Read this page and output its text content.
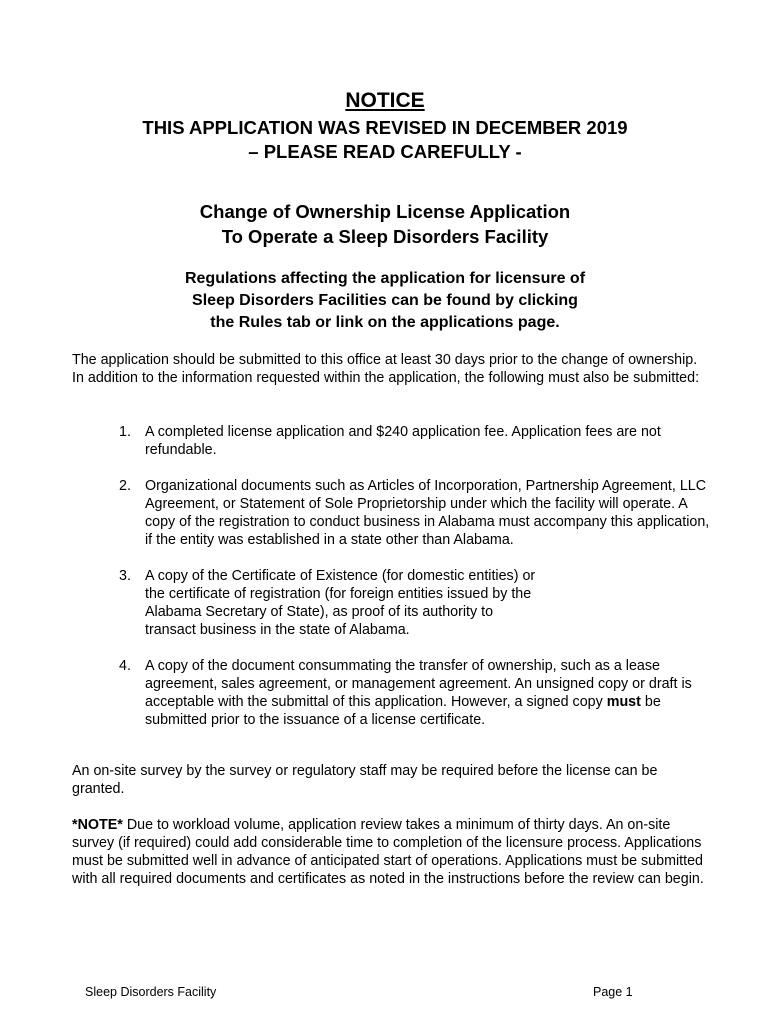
NOTICE
THIS APPLICATION WAS REVISED IN DECEMBER 2019
– PLEASE READ CAREFULLY -
Change of Ownership License Application
To Operate a Sleep Disorders Facility
Regulations affecting the application for licensure of
Sleep Disorders Facilities can be found by clicking
the Rules tab or link on the applications page.
The application should be submitted to this office at least 30 days prior to the change of ownership. In addition to the information requested within the application, the following must also be submitted:
1. A completed license application and $240 application fee. Application fees are not refundable.
2. Organizational documents such as Articles of Incorporation, Partnership Agreement, LLC Agreement, or Statement of Sole Proprietorship under which the facility will operate. A copy of the registration to conduct business in Alabama must accompany this application, if the entity was established in a state other than Alabama.
3. A copy of the Certificate of Existence (for domestic entities) or
the certificate of registration (for foreign entities issued by the
Alabama Secretary of State), as proof of its authority to
transact business in the state of Alabama.
4. A copy of the document consummating the transfer of ownership, such as a lease agreement, sales agreement, or management agreement. An unsigned copy or draft is acceptable with the submittal of this application. However, a signed copy must be submitted prior to the issuance of a license certificate.
An on-site survey by the survey or regulatory staff may be required before the license can be granted.
*NOTE* Due to workload volume, application review takes a minimum of thirty days. An on-site survey (if required) could add considerable time to completion of the licensure process. Applications must be submitted well in advance of anticipated start of operations. Applications must be submitted with all required documents and certificates as noted in the instructions before the review can begin.
Sleep Disorders Facility	Page 1
